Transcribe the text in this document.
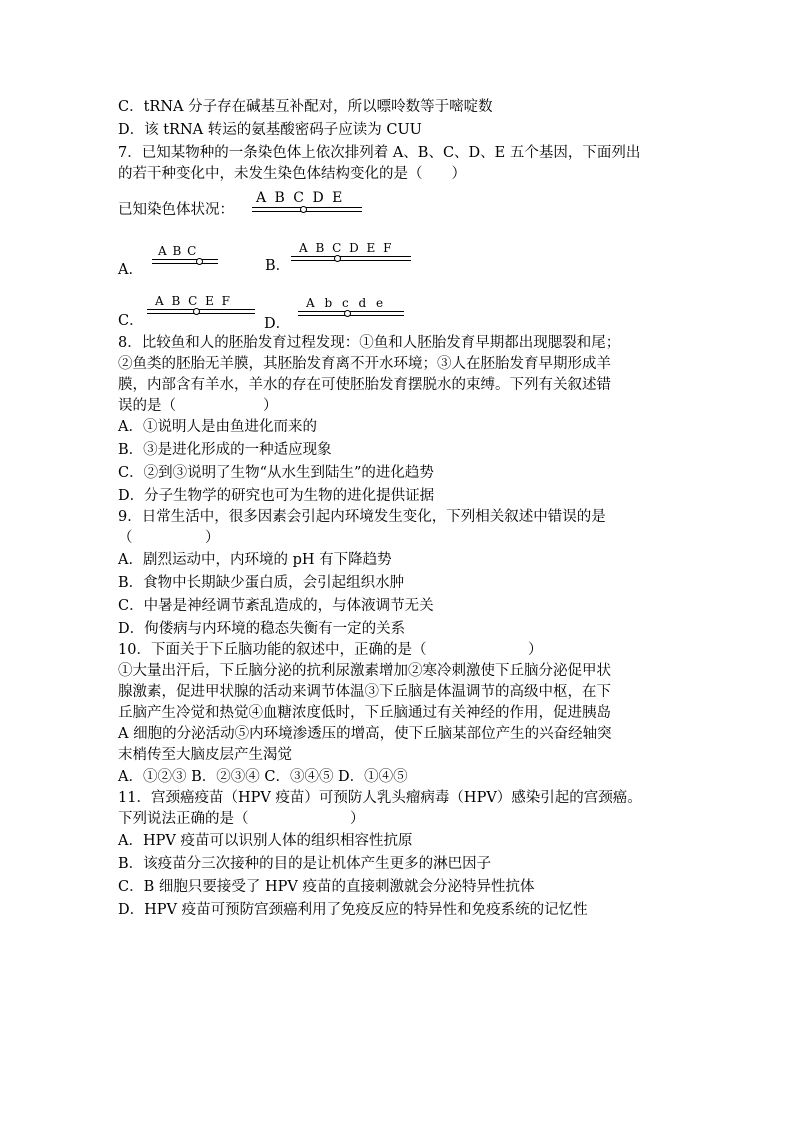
C．tRNA 分子存在碱基互补配对，所以嘌呤数等于嘧啶数
D．该 tRNA 转运的氨基酸密码子应读为 CUU
7．已知某物种的一条染色体上依次排列着 A、B、C、D、E 五个基因，下面列出
的若干种变化中，未发生染色体结构变化的是（　　）
已知染色体状况：
A B C D E
A．
A B C
B．
A B C D E F
C．
A B C E F
D．
A b c d e
8．比较鱼和人的胚胎发育过程发现：①鱼和人胚胎发育早期都出现腮裂和尾；
②鱼类的胚胎无羊膜，其胚胎发育离不开水环境；③人在胚胎发育早期形成羊
膜，内部含有羊水，羊水的存在可使胚胎发育摆脱水的束缚。下列有关叙述错
误的是（　　　　　　）
A．①说明人是由鱼进化而来的
B．③是进化形成的一种适应现象
C．②到③说明了生物“从水生到陆生”的进化趋势
D．分子生物学的研究也可为生物的进化提供证据
9．日常生活中，很多因素会引起内环境发生变化，下列相关叙述中错误的是
（　　　　　）
A．剧烈运动中，内环境的 pH 有下降趋势
B．食物中长期缺少蛋白质，会引起组织水肿
C．中暑是神经调节紊乱造成的，与体液调节无关
D．佝偻病与内环境的稳态失衡有一定的关系
10．下面关于下丘脑功能的叙述中，正确的是（　　　　　　　）
①大量出汗后，下丘脑分泌的抗利尿激素增加②寒冷刺激使下丘脑分泌促甲状
腺激素，促进甲状腺的活动来调节体温③下丘脑是体温调节的高级中枢，在下
丘脑产生冷觉和热觉④血糖浓度低时，下丘脑通过有关神经的作用，促进胰岛
A 细胞的分泌活动⑤内环境渗透压的增高，使下丘脑某部位产生的兴奋经轴突
末梢传至大脑皮层产生渴觉
A．①②③ B．②③④ C．③④⑤ D．①④⑤
11．宫颈癌疫苗（HPV 疫苗）可预防人乳头瘤病毒（HPV）感染引起的宫颈癌。
下列说法正确的是（　　　　　　　）
A．HPV 疫苗可以识别人体的组织相容性抗原
B．该疫苗分三次接种的目的是让机体产生更多的淋巴因子
C．B 细胞只要接受了 HPV 疫苗的直接刺激就会分泌特异性抗体
D．HPV 疫苗可预防宫颈癌利用了免疫反应的特异性和免疫系统的记忆性
